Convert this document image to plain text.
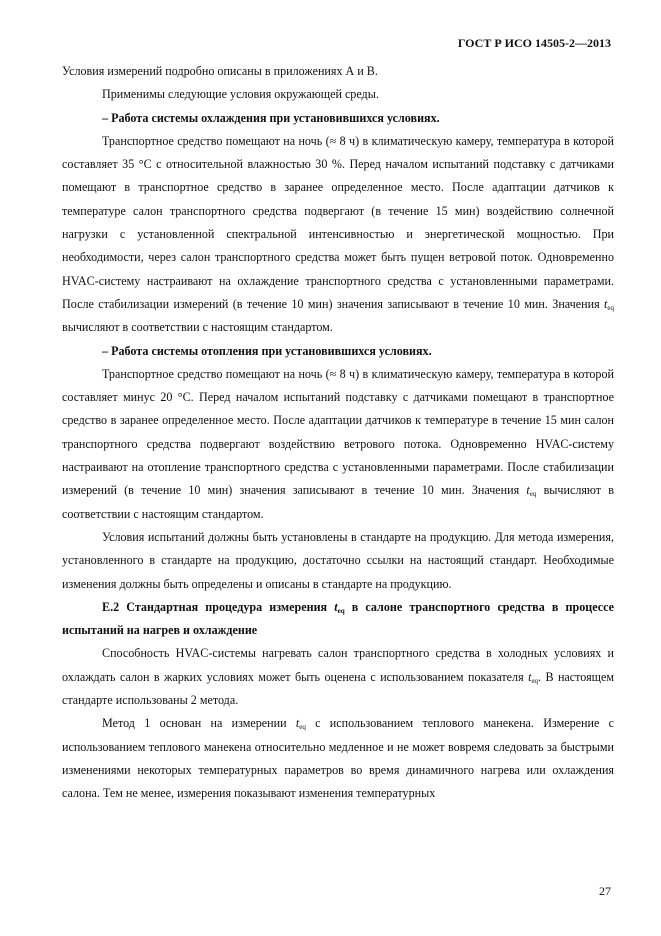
ГОСТ Р ИСО 14505-2—2013

Условия измерений подробно описаны в приложениях А и В.

Применимы следующие условия окружающей среды.

– Работа системы охлаждения при установившихся условиях.

Транспортное средство помещают на ночь (≈ 8 ч) в климатическую камеру, температура в которой составляет 35 °С с относительной влажностью 30 %. Перед началом испытаний подставку с датчиками помещают в транспортное средство в заранее определенное место. После адаптации датчиков к температуре салон транспортного средства подвергают (в течение 15 мин) воздействию солнечной нагрузки с установленной спектральной интенсивностью и энергетической мощностью. При необходимости, через салон транспортного средства может быть пущен ветровой поток. Одновременно HVAC-систему настраивают на охлаждение транспортного средства с установленными параметрами. После стабилизации измерений (в течение 10 мин) значения записывают в течение 10 мин. Значения $t_{eq}$ вычисляют в соответствии с настоящим стандартом.

– Работа системы отопления при установившихся условиях.

Транспортное средство помещают на ночь (≈ 8 ч) в климатическую камеру, температура в которой составляет минус 20 °С. Перед началом испытаний подставку с датчиками помещают в транспортное средство в заранее определенное место. После адаптации датчиков к температуре в течение 15 мин салон транспортного средства подвергают воздействию ветрового потока. Одновременно HVAC-систему настраивают на отопление транспортного средства с установленными параметрами. После стабилизации измерений (в течение 10 мин) значения записывают в течение 10 мин. Значения $t_{eq}$ вычисляют в соответствии с настоящим стандартом.

Условия испытаний должны быть установлены в стандарте на продукцию. Для метода измерения, установленного в стандарте на продукцию, достаточно ссылки на настоящий стандарт. Необходимые изменения должны быть определены и описаны в стандарте на продукцию.

Е.2 Стандартная процедура измерения $t_{eq}$ в салоне транспортного средства в процессе испытаний на нагрев и охлаждение

Способность HVAC-системы нагревать салон транспортного средства в холодных условиях и охлаждать салон в жарких условиях может быть оценена с использованием показателя $t_{eq}$. В настоящем стандарте использованы 2 метода.

Метод 1 основан на измерении $t_{eq}$ с использованием теплового манекена. Измерение с использованием теплового манекена относительно медленное и не может вовремя следовать за быстрыми изменениями некоторых температурных параметров во время динамичного нагрева или охлаждения салона. Тем не менее, измерения показывают изменения температурных

27
